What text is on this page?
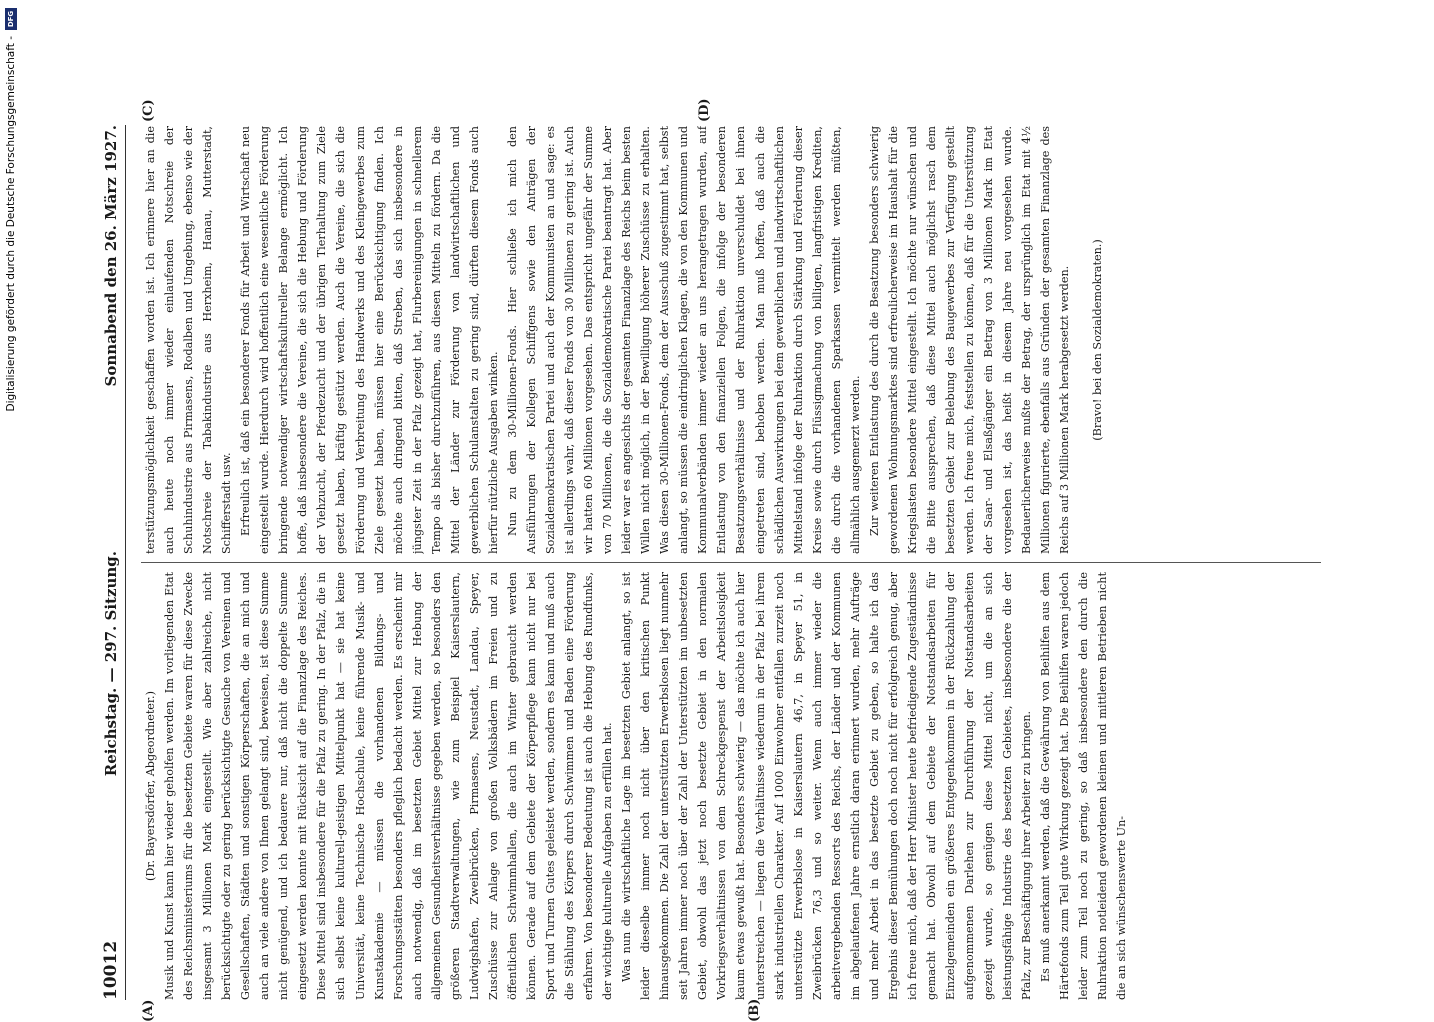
Digitalisierung gefördert durch die Deutsche Forschungsgemeinschaft -
DFG
10012
Reichstag. — 297. Sitzung.
Sonnabend den 26. März 1927.
(A)	(B)
(C)	(D)

(Dr. Bayersdörfer, Abgeordneter.) Musik und Kunst kann hier wieder geholfen werden. Im vorliegenden Etat des Reichsministeriums für die besetzten Gebiete waren für diese Zwecke insgesamt 3 Millionen Mark eingestellt. Wie aber zahlreiche, nicht berücksichtigte oder zu gering berücksichtigte Gesuche von Vereinen und Gesellschaften, Städten und sonstigen Körperschaften, die an mich und auch an viele andere von Ihnen gelangt sind, beweisen, ist diese Summe nicht genügend, und ich bedauere nur, daß nicht die doppelte Summe eingesetzt werden konnte mit Rücksicht auf die Finanzlage des Reiches. Diese Mittel sind insbesondere für die Pfalz zu gering. In der Pfalz, die in sich selbst keine kulturell-geistigen Mittelpunkt hat — sie hat keine Universität, keine Technische Hochschule, keine führende Musik- und Kunstakademie — müssen die vorhandenen Bildungs- und Forschungsstätten besonders pfleglich bedacht werden. Es erscheint mir auch notwendig, daß im besetzten Gebiet Mittel zur Hebung der allgemeinen Gesundheitsverhältnisse gegeben werden, so besonders den größeren Stadtverwaltungen, wie zum Beispiel Kaiserslautern, Ludwigshafen, Zweibrücken, Pirmasens, Neustadt, Landau, Speyer, Zuschüsse zur Anlage von großen Volksbädern im Freien und zu öffentlichen Schwimmhallen, die auch im Winter gebraucht werden können. Gerade auf dem Gebiete der Körperpflege kann nicht nur bei Sport und Turnen Gutes geleistet werden, sondern es kann und muß auch die Stählung des Körpers durch Schwimmen und Baden eine Förderung erfahren. Von besonderer Bedeutung ist auch die Hebung des Rundfunks, der wichtige kulturelle Aufgaben zu erfüllen hat. Was nun die wirtschaftliche Lage im besetzten Gebiet anlangt, so ist leider dieselbe immer noch nicht über den kritischen Punkt hinausgekommen. Die Zahl der unterstützten Erwerbslosen liegt nunmehr seit Jahren immer noch über der Zahl der Unterstützten im unbesetzten Gebiet, obwohl das jetzt noch besetzte Gebiet in den normalen Vorkriegsverhältnissen von dem Schreckgespenst der Arbeitslosigkeit kaum etwas gewußt hat. Besonders schwierig — das möchte ich auch hier unterstreichen — liegen die Verhältnisse wiederum in der Pfalz bei ihrem stark industriellen Charakter. Auf 1000 Einwohner entfallen zurzeit noch unterstützte Erwerbslose in Kaiserslautern 46,7, in Speyer 51, in Zweibrücken 76,3 und so weiter. Wenn auch immer wieder die arbeitvergebenden Ressorts des Reichs, der Länder und der Kommunen im abgelaufenen Jahre ernstlich daran erinnert wurden, mehr Aufträge und mehr Arbeit in das besetzte Gebiet zu geben, so halte ich das Ergebnis dieser Bemühungen doch noch nicht für erfolgreich genug, aber ich freue mich, daß der Herr Minister heute befriedigende Zugeständnisse gemacht hat. Obwohl auf dem Gebiete der Notstandsarbeiten für Einzelgemeinden ein größeres Entgegenkommen in der Rückzahlung der aufgenommenen Darlehen zur Durchführung der Notstandsarbeiten gezeigt wurde, so genügen diese Mittel nicht, um die an sich leistungsfähige Industrie des besetzten Gebietes, insbesondere die der Pfalz, zur Beschäftigung ihrer Arbeiter zu bringen. Es muß anerkannt werden, daß die Gewährung von Beihilfen aus dem Härtefonds zum Teil gute Wirkung gezeigt hat. Die Beihilfen waren jedoch leider zum Teil noch zu gering, so daß insbesondere den durch die Ruhraktion notleidend gewordenen kleinen und mittleren Betrieben nicht die an sich wünschenswerte Un-

terstützungsmöglichkeit geschaffen worden ist. Ich erinnere hier an die auch heute noch immer wieder einlaufenden Notschreie der Schuhindustrie aus Pirmasens, Rodalben und Umgebung, ebenso wie der Notschreie der Tabakindustrie aus Herxheim, Hanau, Mutterstadt, Schifferstadt usw. Erfreulich ist, daß ein besonderer Fonds für Arbeit und Wirtschaft neu eingestellt wurde. Hierdurch wird hoffentlich eine wesentliche Förderung bringende notwendiger wirtschaftskultureller Belange ermöglicht. Ich hoffe, daß insbesondere die Vereine, die sich die Hebung und Förderung der Viehzucht, der Pferdezucht und der übrigen Tierhaltung zum Ziele gesetzt haben, kräftig gestützt werden. Auch die Vereine, die sich die Förderung und Verbreitung des Handwerks und des Kleingewerbes zum Ziele gesetzt haben, müssen hier eine Berücksichtigung finden. Ich möchte auch dringend bitten, daß Streben, das sich insbesondere in jüngster Zeit in der Pfalz gezeigt hat, Flurbereinigungen in schnellerem Tempo als bisher durchzuführen, aus diesen Mitteln zu fördern. Da die Mittel der Länder zur Förderung von landwirtschaftlichen und gewerblichen Schulanstalten zu gering sind, dürften diesem Fonds auch hierfür nützliche Ausgaben winken. Nun zu dem 30-Millionen-Fonds. Hier schließe ich mich den Ausführungen der Kollegen Schiffgens sowie den Anträgen der Sozialdemokratischen Partei und auch der Kommunisten an und sage: es ist allerdings wahr, daß dieser Fonds von 30 Millionen zu gering ist. Auch wir hatten 60 Millionen vorgesehen. Das entspricht ungefähr der Summe von 70 Millionen, die die Sozialdemokratische Partei beantragt hat. Aber leider war es angesichts der gesamten Finanzlage des Reichs beim besten Willen nicht möglich, in der Bewilligung höherer Zuschüsse zu erhalten. Was diesen 30-Millionen-Fonds, dem der Ausschuß zugestimmt hat, selbst anlangt, so müssen die eindringlichen Klagen, die von den Kommunen und Kommunalverbänden immer wieder an uns herangetragen wurden, auf Entlastung von den finanziellen Folgen, die infolge der besonderen Besatzungsverhältnisse und der Ruhraktion unverschuldet bei ihnen eingetreten sind, behoben werden. Man muß hoffen, daß auch die schädlichen Auswirkungen bei dem gewerblichen und landwirtschaftlichen Mittelstand infolge der Ruhraktion durch Stärkung und Förderung dieser Kreise sowie durch Flüssigmachung von billigen, langfristigen Krediten, die durch die vorhandenen Sparkassen vermittelt werden müßten, allmählich ausgemerzt werden. Zur weiteren Entlastung des durch die Besatzung besonders schwierig gewordenen Wohnungsmarktes sind erfreulicherweise im Haushalt für die Kriegslasten besondere Mittel eingestellt. Ich möchte nur wünschen und die Bitte aussprechen, daß diese Mittel auch möglichst rasch dem besetzten Gebiet zur Belebung des Baugewerbes zur Verfügung gestellt werden. Ich freue mich, feststellen zu können, daß für die Unterstützung der Saar- und Elsaßgänger ein Betrag von 3 Millionen Mark im Etat vorgesehen ist, das heißt in diesem Jahre neu vorgesehen wurde. Bedauerlicherweise mußte der Betrag, der ursprünglich im Etat mit 4½ Millionen figurierte, ebenfalls aus Gründen der gesamten Finanzlage des Reichs auf 3 Millionen Mark herabgesetzt werden. (Bravo! bei den Sozialdemokraten.)
